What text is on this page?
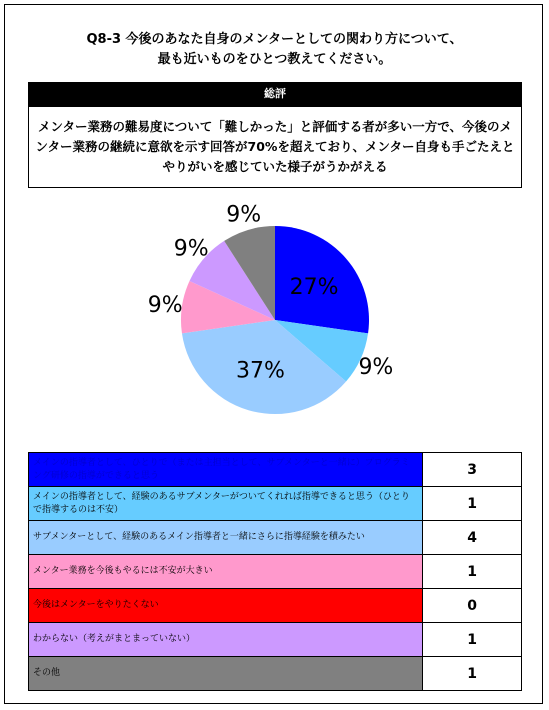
Q8-3 今後のあなた自身のメンターとしての関わり方について、
最も近いものをひとつ教えてください。
総評
メンター業務の難易度について「難しかった」と評価する者が多い一方で、今後のメンター業務の継続に意欲を示す回答が70%を超えており、メンター自身も手ごたえとやりがいを感じていた様子がうかがえる
27%
9%
37%
9%
9%
9%
メインの指導者として、ひとりで（または主担当として、サブメンターと一緒に）プログラミング研修の指導ができると思う	3
メインの指導者として、経験のあるサブメンターがついてくれれば指導できると思う（ひとりで指導するのは不安）	1
サブメンターとして、経験のあるメイン指導者と一緒にさらに指導経験を積みたい	4
メンター業務を今後もやるには不安が大きい	1
今後はメンターをやりたくない	0
わからない（考えがまとまっていない）	1
その他	1
